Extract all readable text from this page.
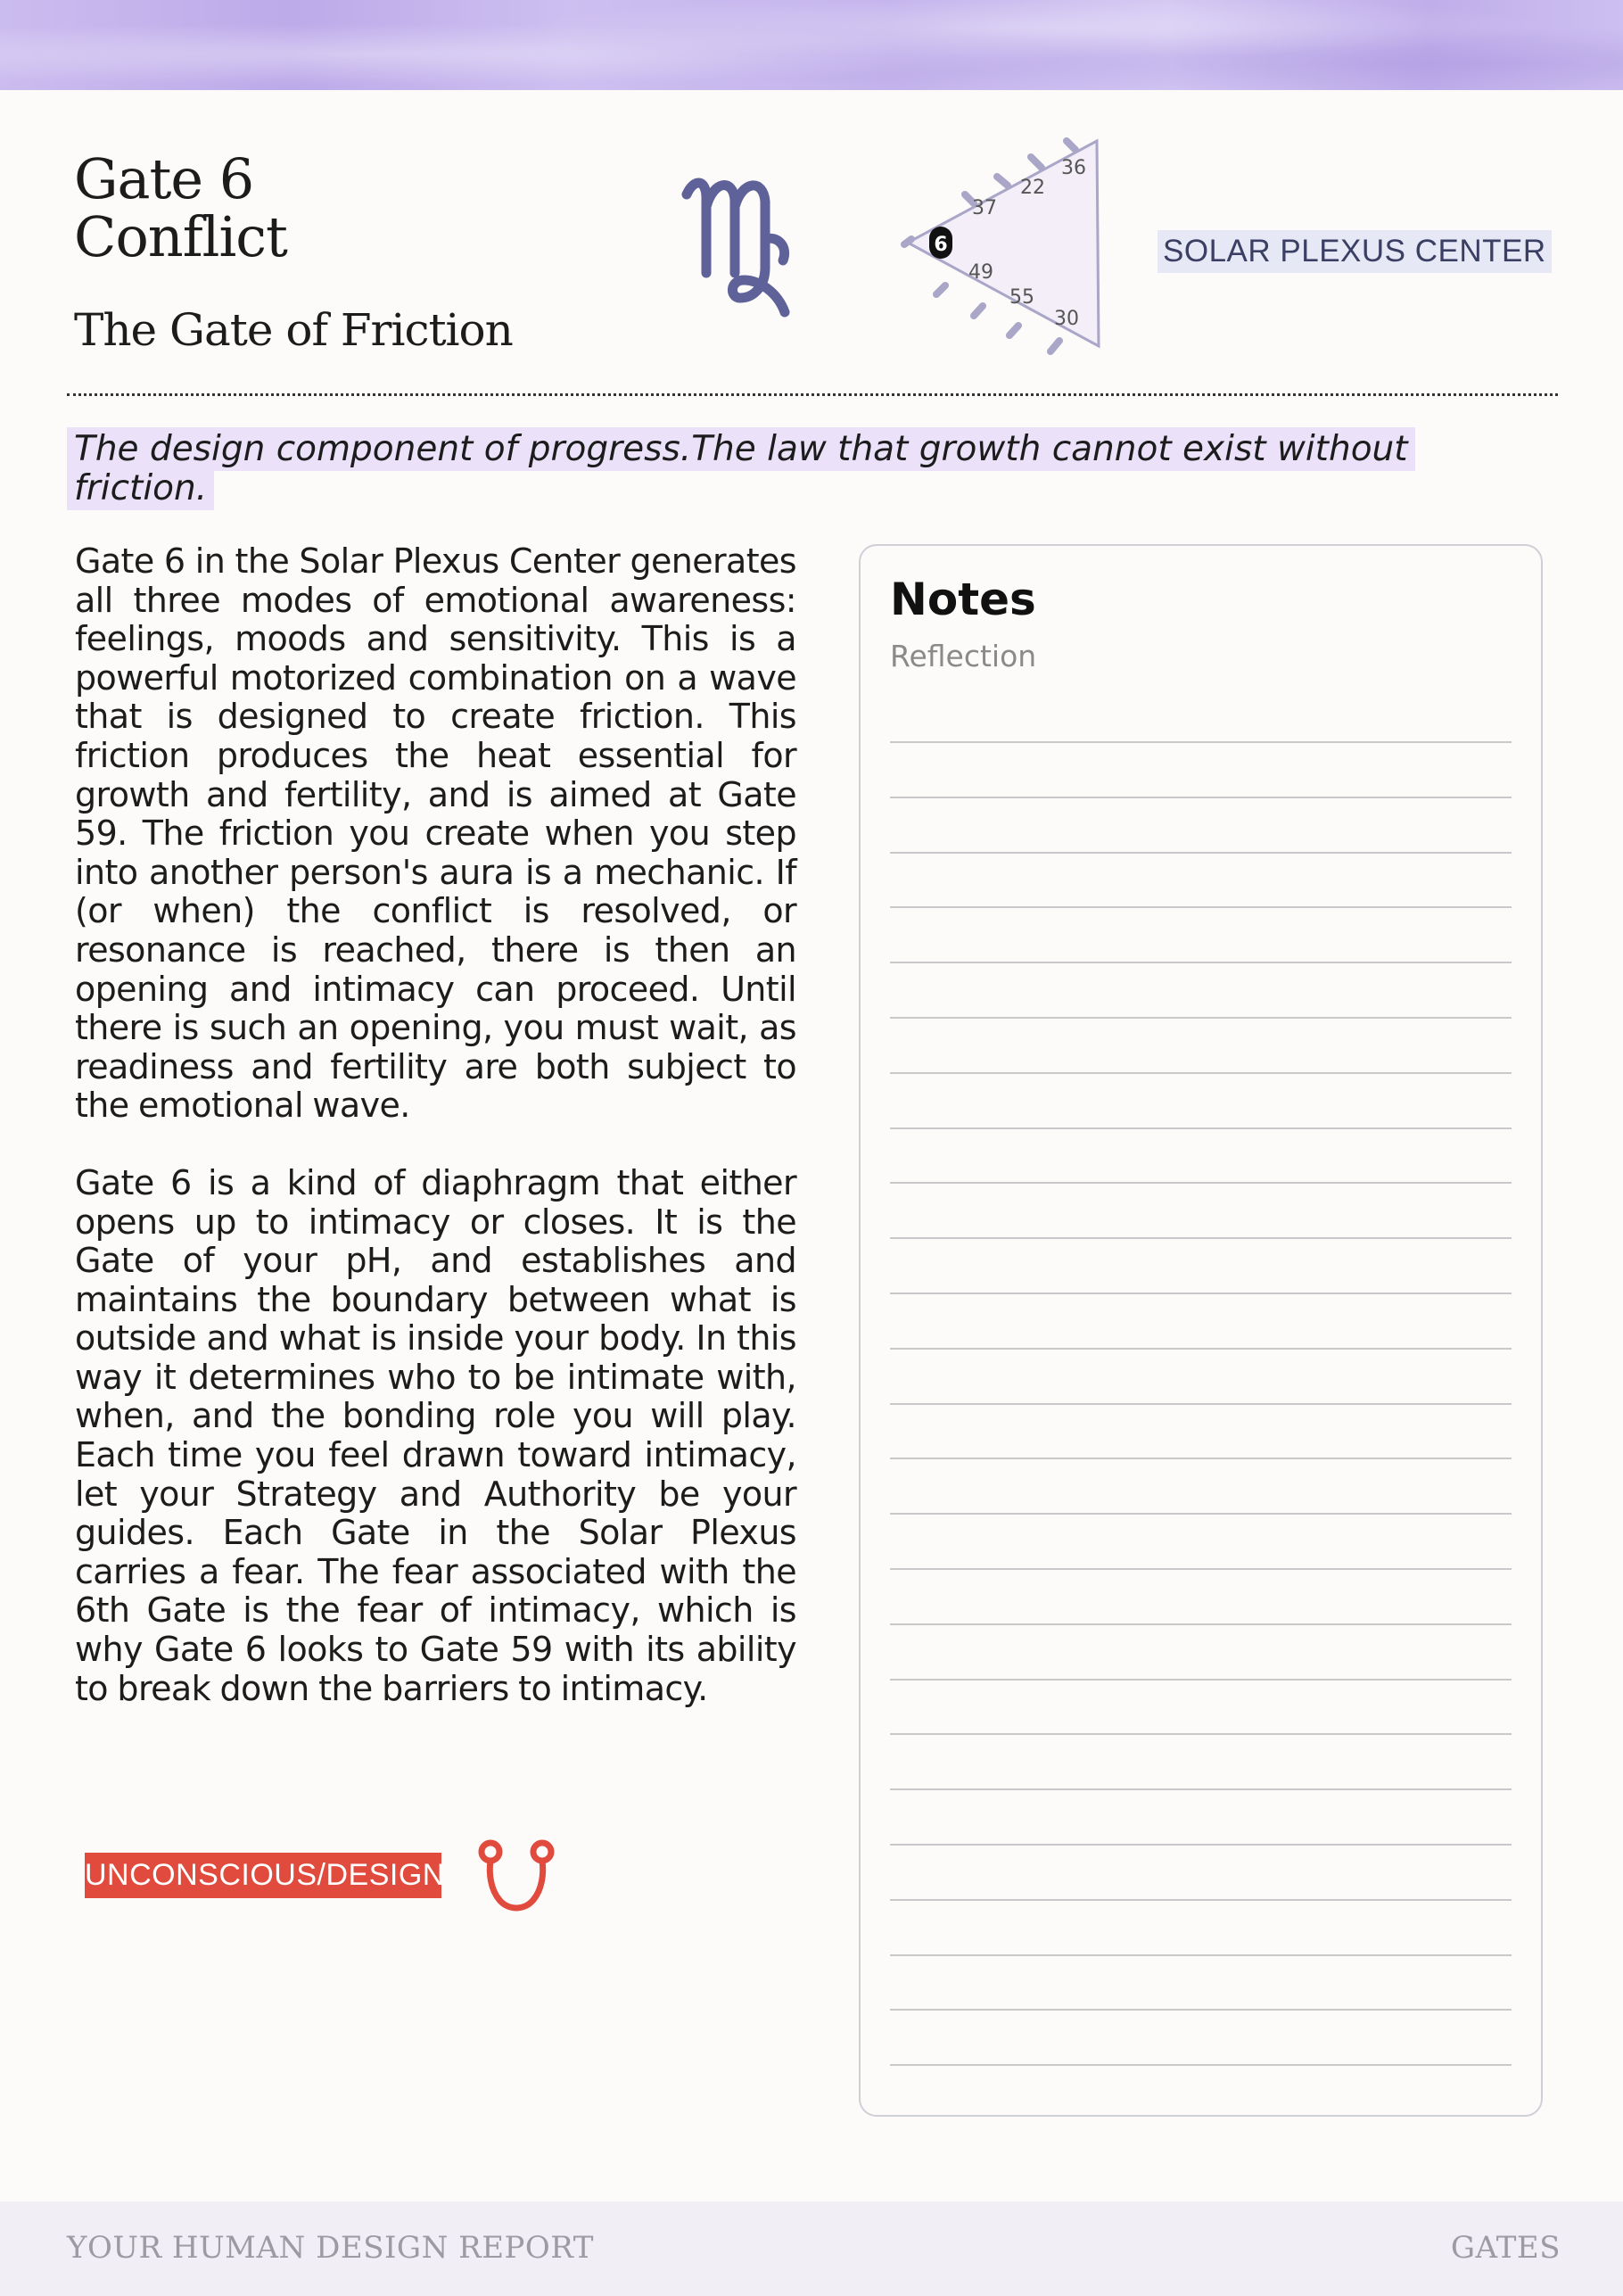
Gate 6
Conflict
The Gate of Friction
36
22
37
49
55
30
6	SOLAR PLEXUS CENTER

The design component of progress.The law that growth cannot exist without friction.

Gate 6 in the Solar Plexus Center generates all three modes of emotional awareness: feelings, moods and sensitivity. This is a powerful motorized combination on a wave that is designed to create friction. This friction produces the heat essential for growth and fertility, and is aimed at Gate 59. The friction you create when you step into another person's aura is a mechanic. If (or when) the conflict is resolved, or resonance is reached, there is then an opening and intimacy can proceed. Until there is such an opening, you must wait, as readiness and fertility are both subject to the emotional wave.

Gate 6 is a kind of diaphragm that either opens up to intimacy or closes. It is the Gate of your pH, and establishes and maintains the boundary between what is outside and what is inside your body. In this way it determines who to be intimate with, when, and the bonding role you will play. Each time you feel drawn toward intimacy, let your Strategy and Authority be your guides. Each Gate in the Solar Plexus carries a fear. The fear associated with the 6th Gate is the fear of intimacy, which is why Gate 6 looks to Gate 59 with its ability to break down the barriers to intimacy.

UNCONSCIOUS/DESIGN
Notes
Reflection
YOUR HUMAN DESIGN REPORT	GATES
